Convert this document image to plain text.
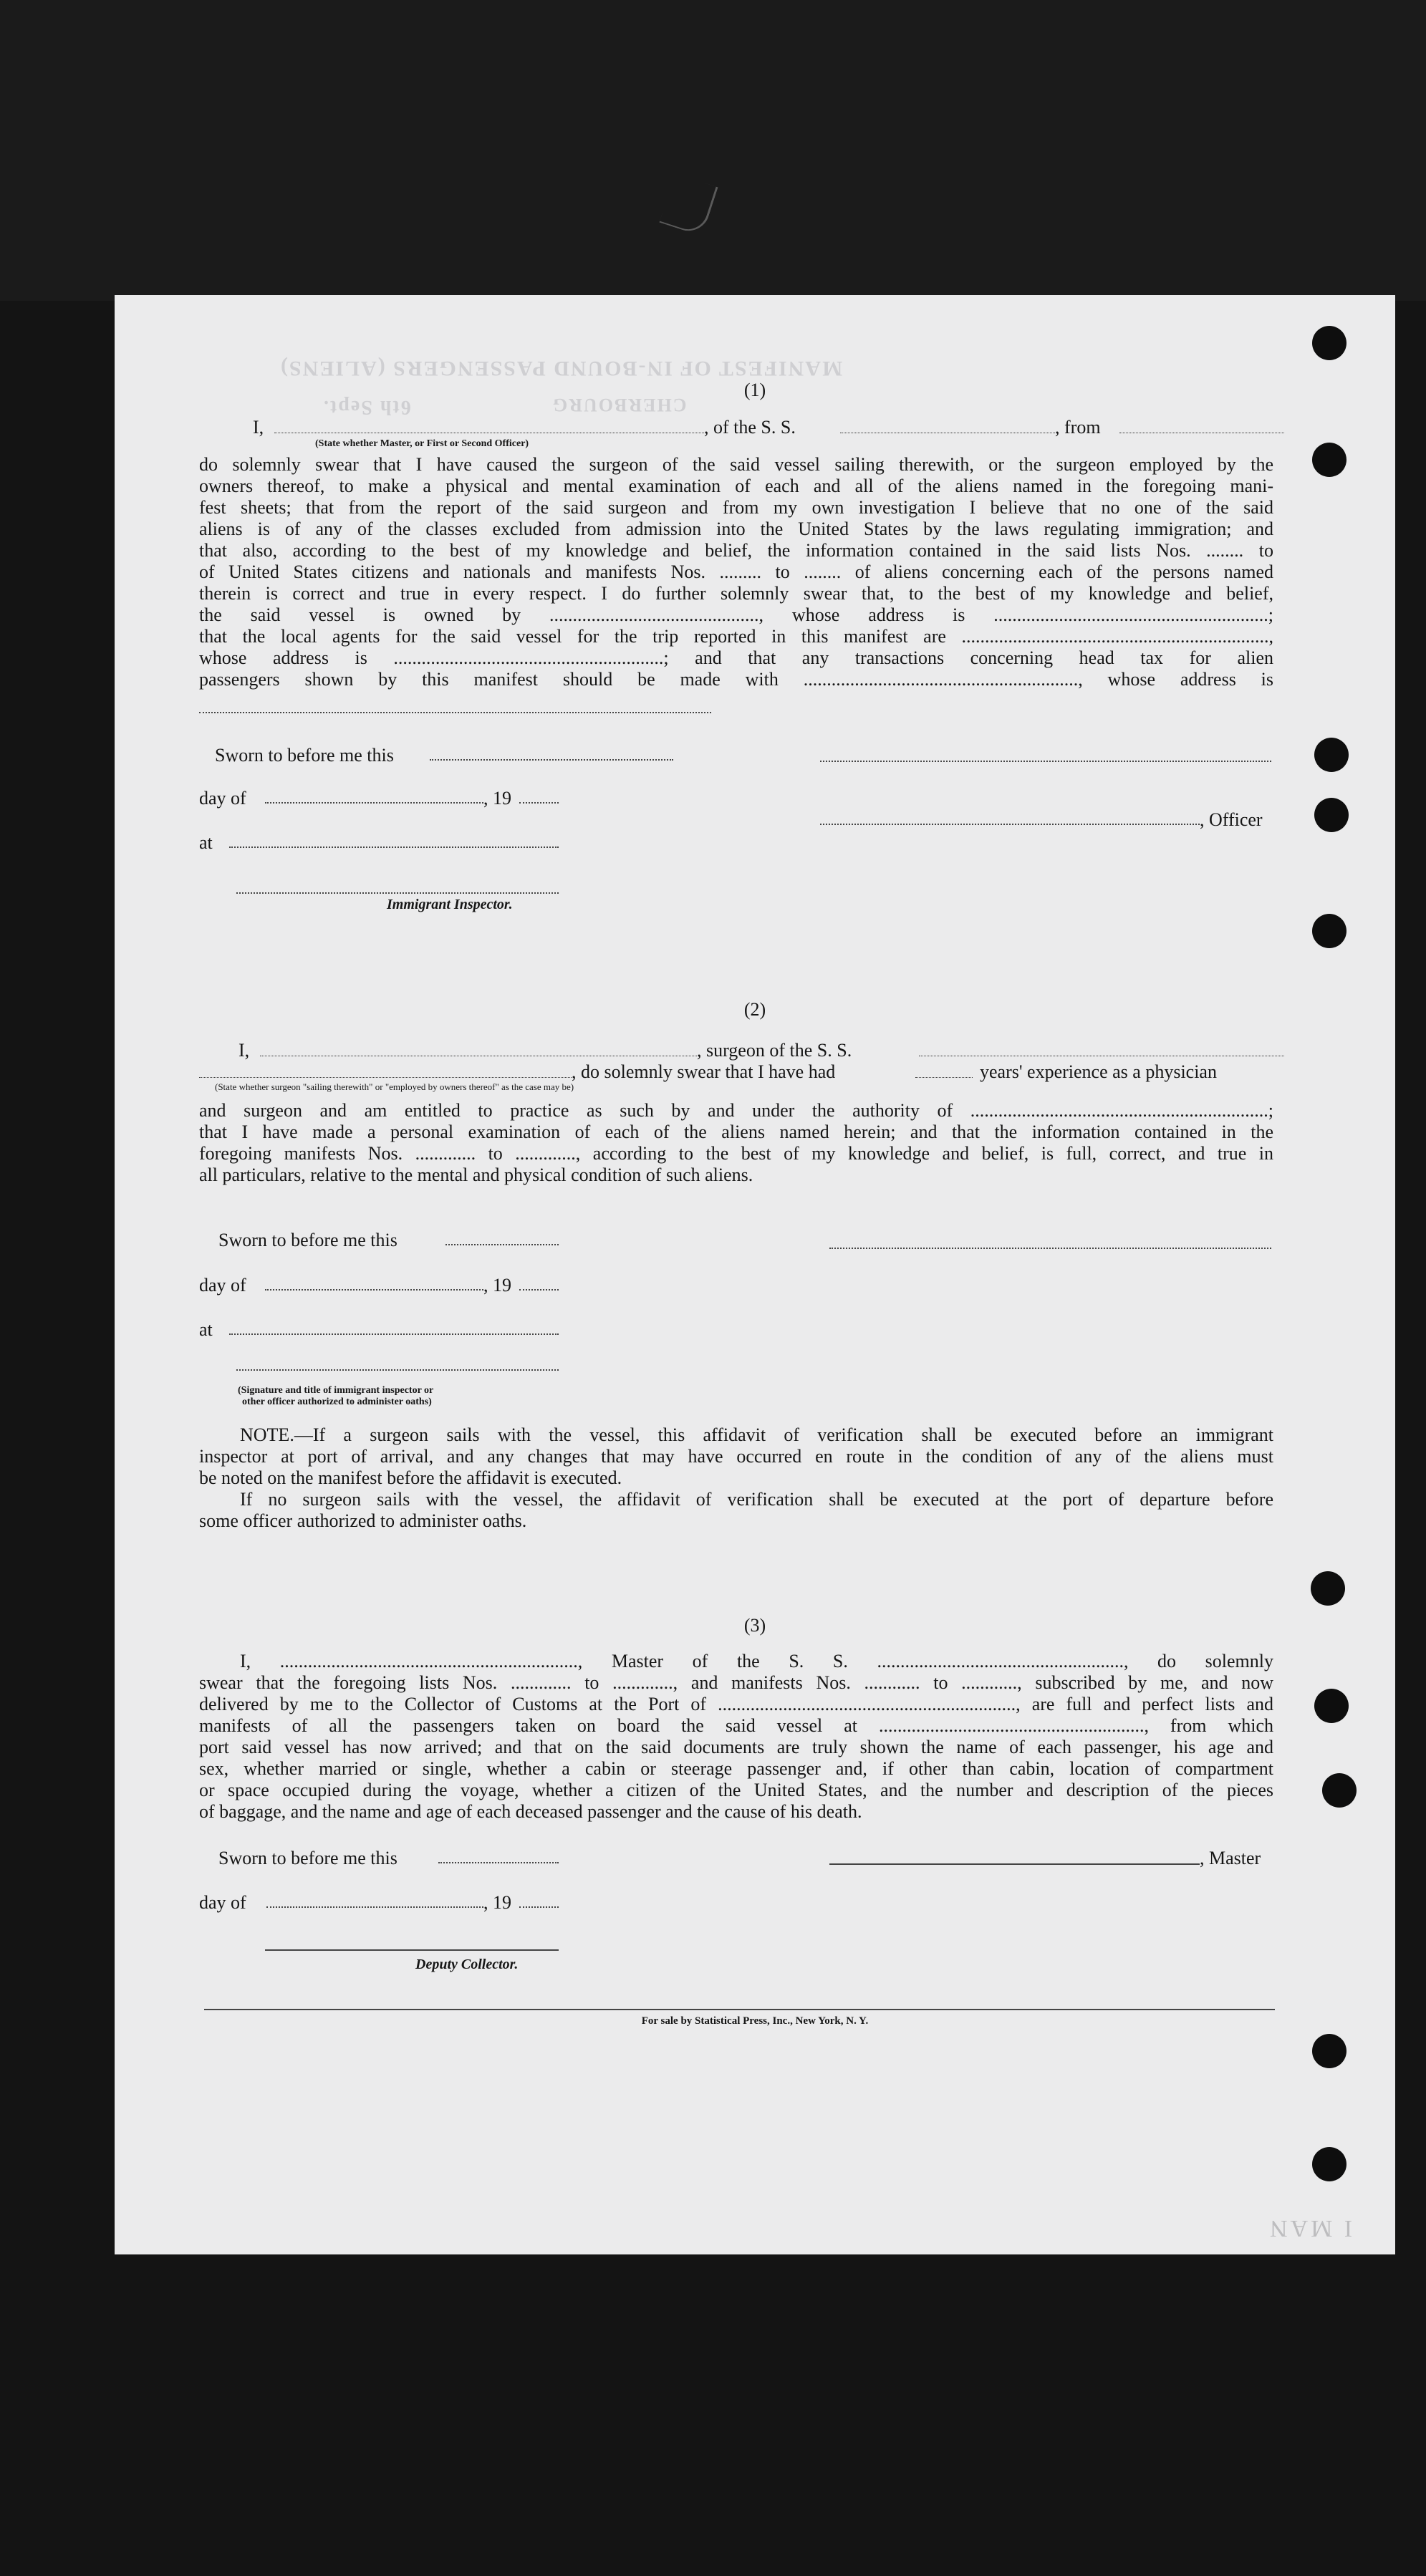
MANIFEST OF IN-BOUND PASSENGERS (ALIENS)
CHERBOURG
6th Sept.
(1)
I,	, of the S. S.	, from
(State whether Master, or First or Second Officer)
do solemnly swear that I have caused the surgeon of the said vessel sailing therewith, or the surgeon employed by the
owners thereof, to make a physical and mental examination of each and all of the aliens named in the foregoing mani-
fest sheets; that from the report of the said surgeon and from my own investigation I believe that no one of the said
aliens is of any of the classes excluded from admission into the United States by the laws regulating immigration; and
that also, according to the best of my knowledge and belief, the information contained in the said lists Nos. ........ to
of United States citizens and nationals and manifests Nos. ......... to ........ of aliens concerning each of the persons named
therein is correct and true in every respect. I do further solemnly swear that, to the best of my knowledge and belief,
the said vessel is owned by ............................................., whose address is ...........................................................;
that the local agents for the said vessel for the trip reported in this manifest are ..................................................................,
whose address is ..........................................................; and that any transactions concerning head tax for alien
passengers shown by this manifest should be made with ..........................................................., whose address is
Sworn to before me this
day of	, 19
, Officer
at
Immigrant Inspector.
(2)
I,	, surgeon of the S. S.
, do solemnly swear that I have had	years' experience as a physician
(State whether surgeon "sailing therewith" or "employed by owners thereof" as the case may be)
and surgeon and am entitled to practice as such by and under the authority of ................................................................;
that I have made a personal examination of each of the aliens named herein; and that the information contained in the
foregoing manifests Nos. ............. to ............., according to the best of my knowledge and belief, is full, correct, and true in
all particulars, relative to the mental and physical condition of such aliens.
Sworn to before me this
day of	, 19
at
(Signature and title of immigrant inspector or
other officer authorized to administer oaths)
NOTE.—If a surgeon sails with the vessel, this affidavit of verification shall be executed before an immigrant
inspector at port of arrival, and any changes that may have occurred en route in the condition of any of the aliens must
be noted on the manifest before the affidavit is executed.
If no surgeon sails with the vessel, the affidavit of verification shall be executed at the port of departure before
some officer authorized to administer oaths.
(3)
I, ................................................................, Master of the S. S. ....................................................., do solemnly
swear that the foregoing lists Nos. ............. to ............., and manifests Nos. ............ to ............, subscribed by me, and now
delivered by me to the Collector of Customs at the Port of ................................................................, are full and perfect lists and
manifests of all the passengers taken on board the said vessel at ........................................................., from which
port said vessel has now arrived; and that on the said documents are truly shown the name of each passenger, his age and
sex, whether married or single, whether a cabin or steerage passenger and, if other than cabin, location of compartment
or space occupied during the voyage, whether a citizen of the United States, and the number and description of the pieces
of baggage, and the name and age of each deceased passenger and the cause of his death.
Sworn to before me this	, Master
day of	, 19
Deputy Collector.
For sale by Statistical Press, Inc., New York, N. Y.
I MAN
